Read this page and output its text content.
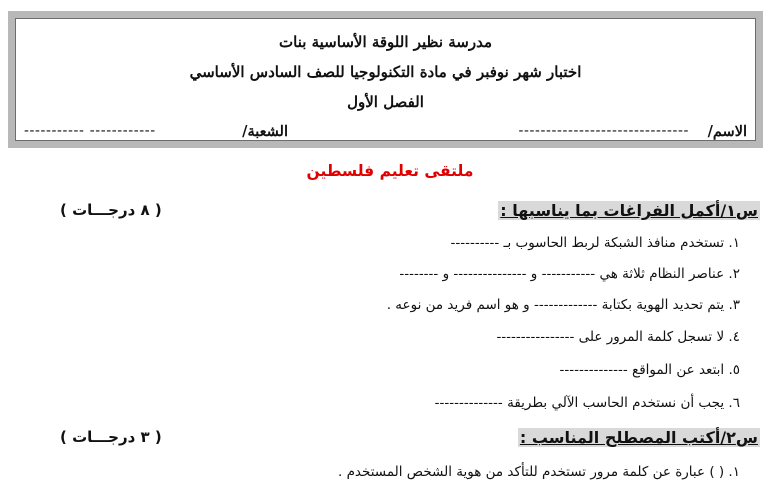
مدرسة نظير اللوقة الأساسية بنات
اختبار شهر نوفبر في مادة التكنولوجيا للصف السادس الأساسي
الفصل الأول
الاسم/
-------------------------------
الشعبة/
------------ -----------
ملتقى تعليم فلسطين
س١/أكمل الفراغات بما يناسبها :
( ٨ درجـــات )
١. تستخدم منافذ الشبكة لربط الحاسوب بـ ----------
٢. عناصر النظام ثلاثة هي ----------- و --------------- و --------
٣. يتم تحديد الهوية بكتابة ------------- و هو اسم فريد من نوعه .
٤. لا تسجل كلمة المرور على ----------------
٥. ابتعد عن المواقع --------------
٦. يجب أن نستخدم الحاسب الآلي بطريقة --------------
س٢/أكتب المصطلح المناسب :
( ٣ درجـــات )
١. ( ) عبارة عن كلمة مرور تستخدم للتأكد من هوية الشخص المستخدم .
